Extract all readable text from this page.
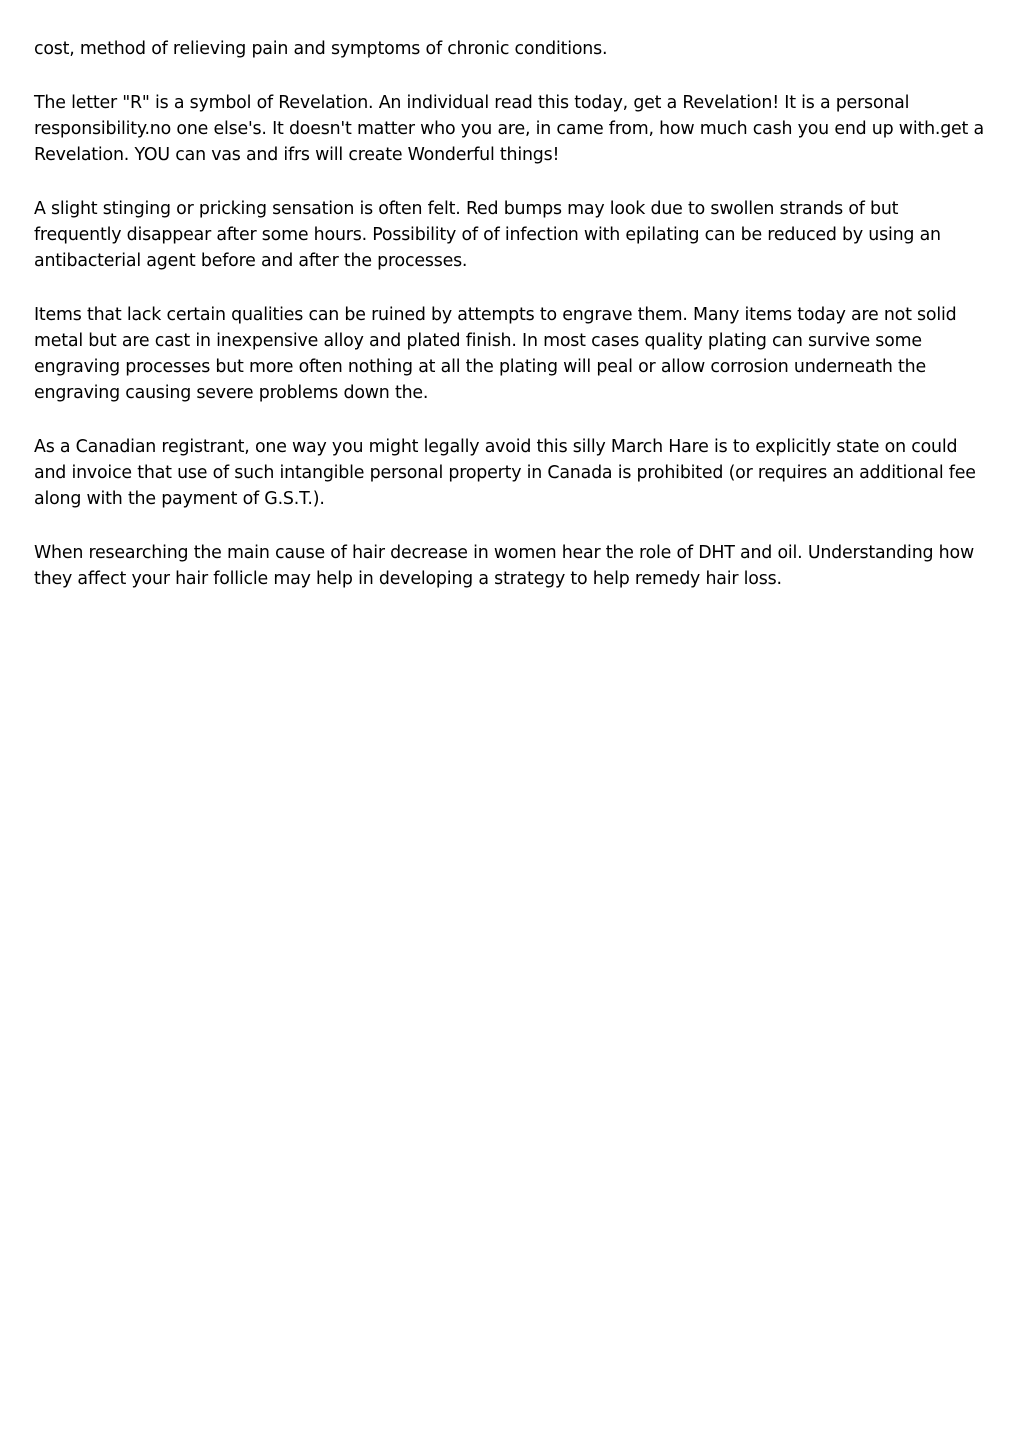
cost, method of relieving pain and symptoms of chronic conditions.

The letter "R" is a symbol of Revelation. An individual read this today, get a Revelation! It is a personal responsibility.no one else's. It doesn't matter who you are, in came from, how much cash you end up with.get a Revelation. YOU can vas and ifrs will create Wonderful things!

A slight stinging or pricking sensation is often felt. Red bumps may look due to swollen strands of but frequently disappear after some hours. Possibility of of infection with epilating can be reduced by using an antibacterial agent before and after the processes.

Items that lack certain qualities can be ruined by attempts to engrave them. Many items today are not solid metal but are cast in inexpensive alloy and plated finish. In most cases quality plating can survive some engraving processes but more often nothing at all the plating will peal or allow corrosion underneath the engraving causing severe problems down the.

As a Canadian registrant, one way you might legally avoid this silly March Hare is to explicitly state on could and invoice that use of such intangible personal property in Canada is prohibited (or requires an additional fee along with the payment of G.S.T.).

When researching the main cause of hair decrease in women hear the role of DHT and oil. Understanding how they affect your hair follicle may help in developing a strategy to help remedy hair loss.
